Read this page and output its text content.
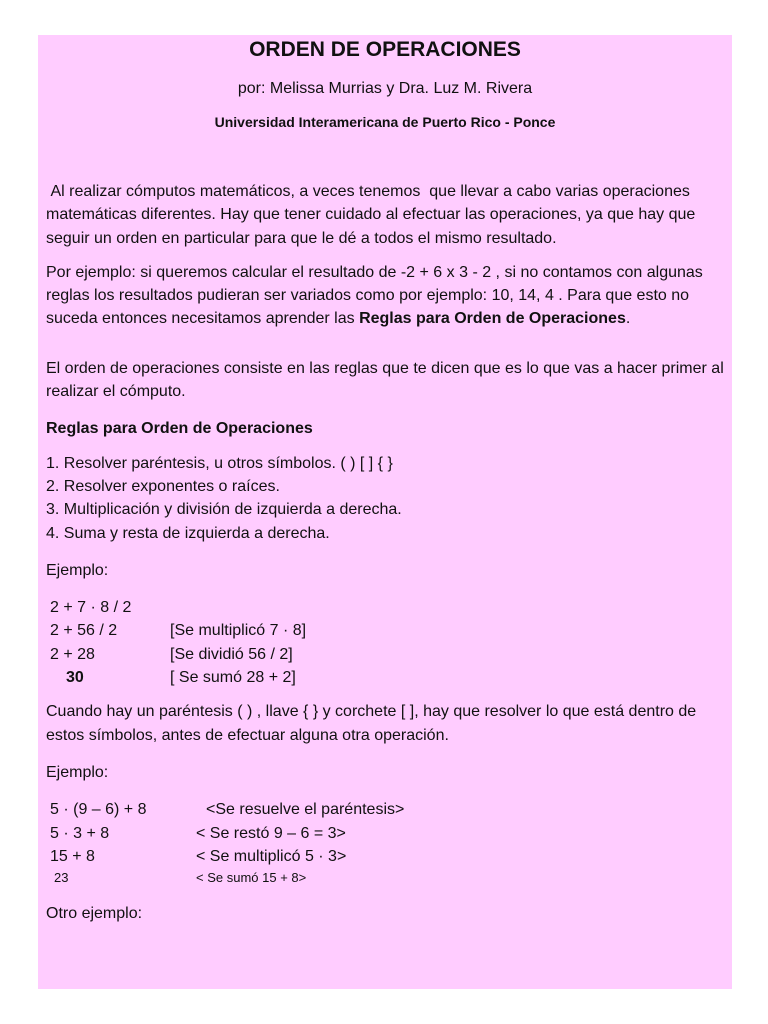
ORDEN DE OPERACIONES
por: Melissa Murrias y Dra. Luz M. Rivera
Universidad Interamericana de Puerto Rico - Ponce

Al realizar cómputos matemáticos, a veces tenemos  que llevar a cabo varias operaciones matemáticas diferentes. Hay que tener cuidado al efectuar las operaciones, ya que hay que seguir un orden en particular para que le dé a todos el mismo resultado.

Por ejemplo: si queremos calcular el resultado de -2 + 6 x 3 - 2 , si no contamos con algunas reglas los resultados pudieran ser variados como por ejemplo: 10, 14, 4 . Para que esto no suceda entonces necesitamos aprender las Reglas para Orden de Operaciones.

El orden de operaciones consiste en las reglas que te dicen que es lo que vas a hacer primer al realizar el cómputo.

Reglas para Orden de Operaciones

1. Resolver paréntesis, u otros símbolos. ( ) [ ] { }
2. Resolver exponentes o raíces.
3. Multiplicación y división de izquierda a derecha.
4. Suma y resta de izquierda a derecha.

Ejemplo:

2 + 7 · 8 / 2
2 + 56 / 2	[Se multiplicó 7 · 8]
2 + 28	[Se dividió 56 / 2]
30	[ Se sumó 28 + 2]

Cuando hay un paréntesis ( ) , llave { } y corchete [ ], hay que resolver lo que está dentro de estos símbolos, antes de efectuar alguna otra operación.

Ejemplo:

5 · (9 – 6) + 8	<Se resuelve el paréntesis>
5 · 3 + 8	< Se restó 9 – 6 = 3>
15 + 8	< Se multiplicó 5 · 3>
23	< Se sumó 15 + 8>

Otro ejemplo:
